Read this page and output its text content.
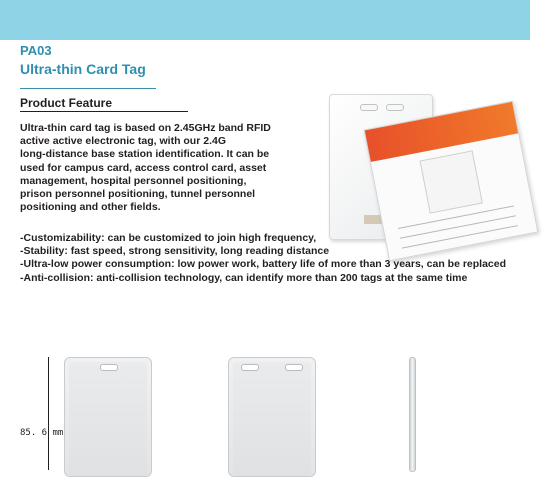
PA03
Ultra-thin Card Tag
Product Feature
Ultra-thin card tag is based on 2.45GHz band RFID
active active electronic tag, with our 2.4G
long-distance base station identification. It can be
used for campus card, access control card, asset
management, hospital personnel positioning,
prison personnel positioning, tunnel personnel
positioning and other fields.
-Customizability: can be customized to join high frequency,
-Stability: fast speed, strong sensitivity, long reading distance
-Ultra-low power consumption: low power work, battery life of more than 3 years, can be replaced
-Anti-collision: anti-collision technology, can identify more than 200 tags at the same time
85. 6 mm
